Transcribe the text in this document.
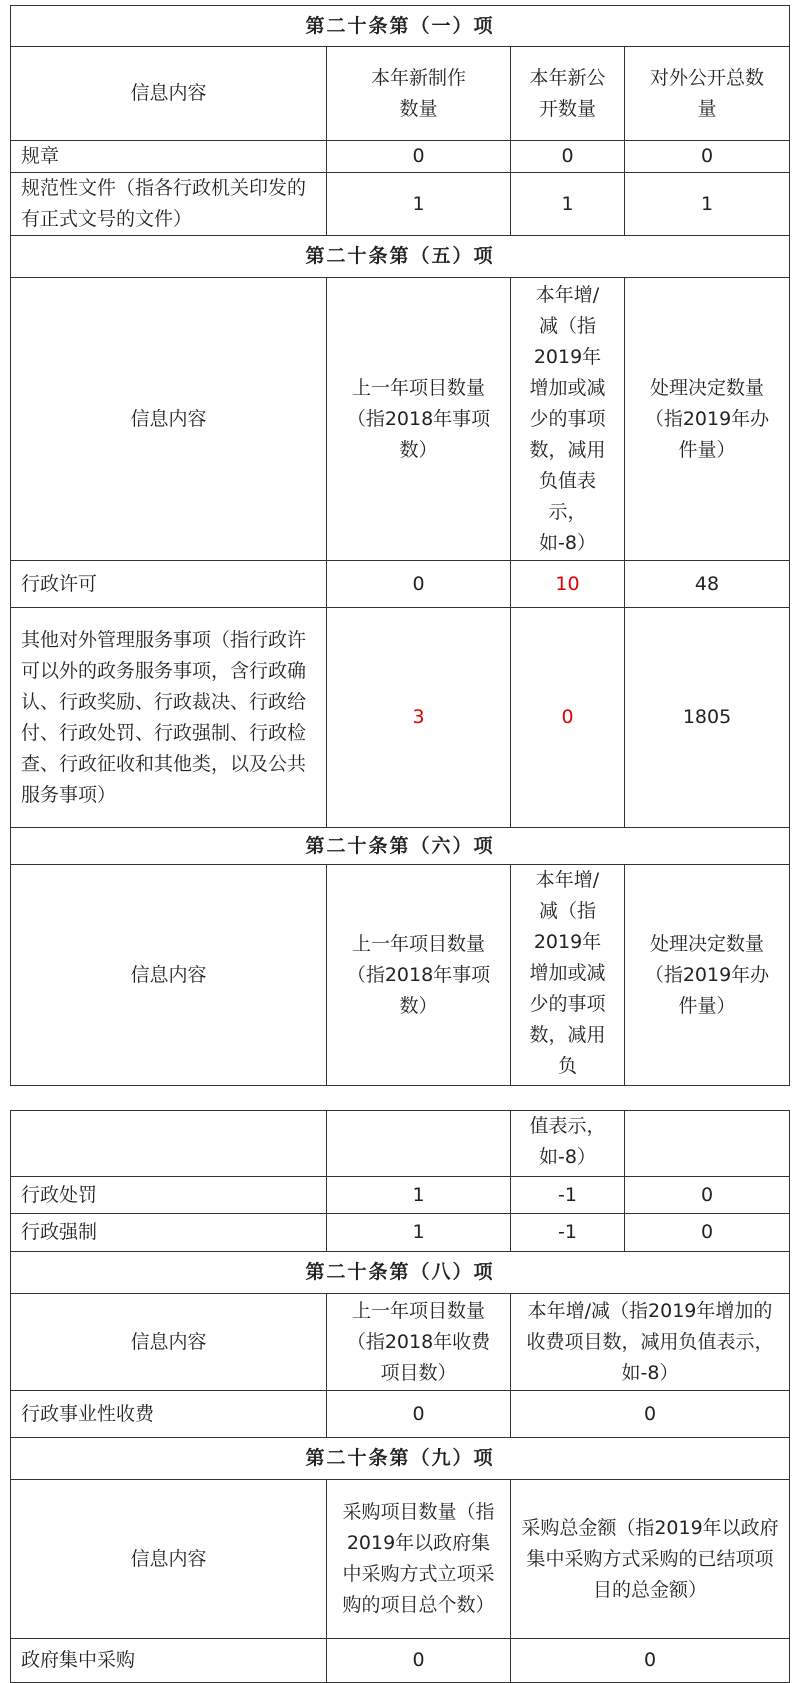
第二十条第（一）项			
信息内容	本年新制作数量	本年新公开数量	对外公开总数量
规章	0	0	0
规范性文件（指各行政机关印发的有正式文号的文件）	1	1	1
第二十条第（五）项			
信息内容	上一年项目数量（指2018年事项数）	本年增/减（指2019年增加或减少的事项数，减用负值表示，如-8）	处理决定数量（指2019年办件量）
行政许可	0	10	48
其他对外管理服务事项（指行政许可以外的政务服务事项，含行政确认、行政奖励、行政裁决、行政给付、行政处罚、行政强制、行政检查、行政征收和其他类，以及公共服务事项）	3	0	1805
第二十条第（六）项			
信息内容	上一年项目数量（指2018年事项数）	本年增/减（指2019年增加或减少的事项数，减用负	处理决定数量（指2019年办件量）
		值表示，如-8）	
行政处罚	1	-1	0
行政强制	1	-1	0
第二十条第（八）项			
信息内容	上一年项目数量（指2018年收费项目数）	本年增/减（指2019年增加的收费项目数，减用负值表示，如-8）	
行政事业性收费	0	0	
第二十条第（九）项			
信息内容	采购项目数量（指2019年以政府集中采购方式立项采购的项目总个数）	采购总金额（指2019年以政府集中采购方式采购的已结项项目的总金额）	
政府集中采购	0	0	
